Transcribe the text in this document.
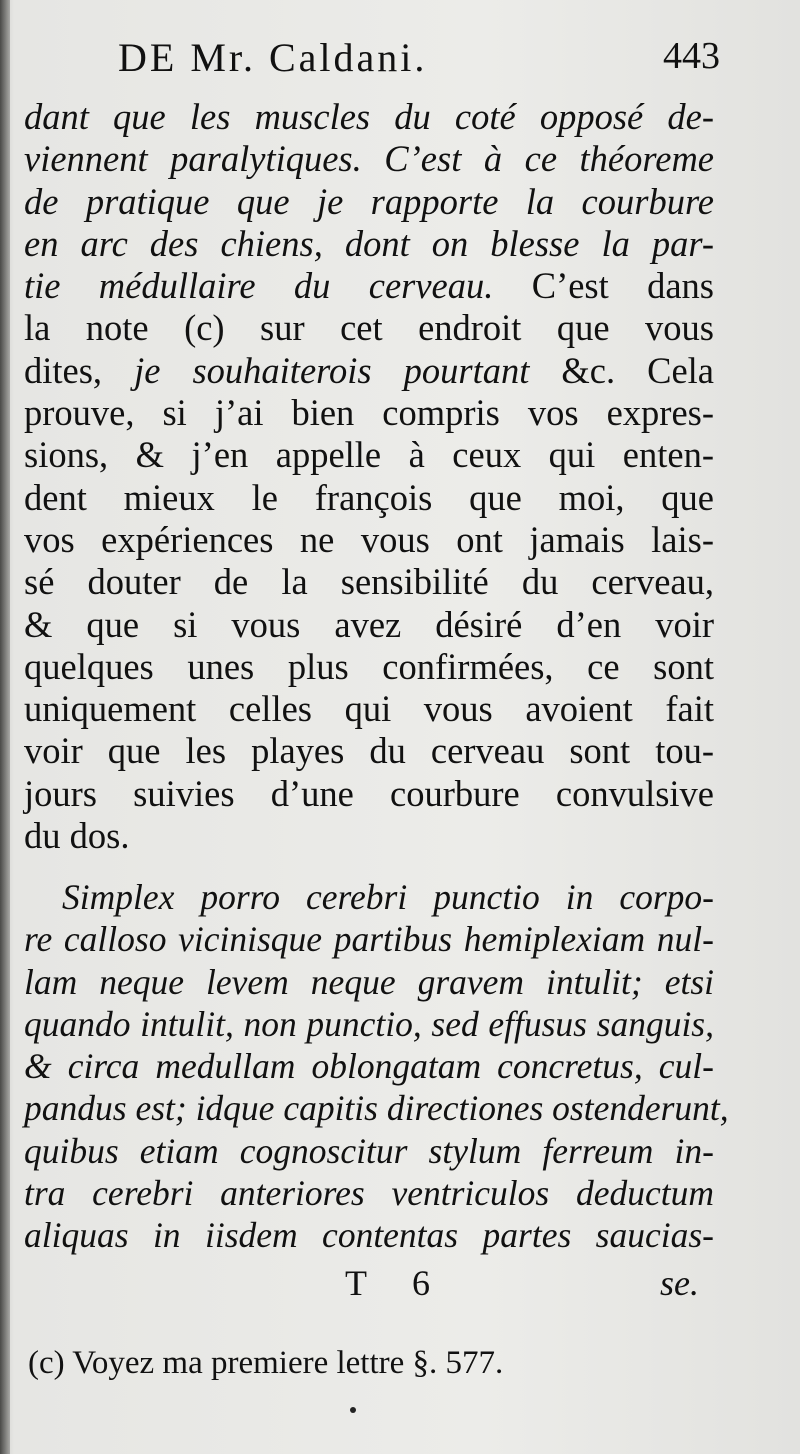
DE Mr. Caldani.	443
dant que les muscles du coté opposé de-
viennent paralytiques. C’est à ce théoreme
de pratique que je rapporte la courbure
en arc des chiens, dont on blesse la par-
tie médullaire du cerveau. C’est dans
la note (c) sur cet endroit que vous
dites, je souhaiterois pourtant &c. Cela
prouve, si j’ai bien compris vos expres-
sions, & j’en appelle à ceux qui enten-
dent mieux le françois que moi, que
vos expériences ne vous ont jamais lais-
sé douter de la sensibilité du cerveau,
& que si vous avez désiré d’en voir
quelques unes plus confirmées, ce sont
uniquement celles qui vous avoient fait
voir que les playes du cerveau sont tou-
jours suivies d’une courbure convulsive
du dos.
Simplex porro cerebri punctio in corpo-
re calloso vicinisque partibus hemiplexiam nul-
lam neque levem neque gravem intulit; etsi
quando intulit, non punctio, sed effusus sanguis,
& circa medullam oblongatam concretus, cul-
pandus est; idque capitis directiones ostenderunt,
quibus etiam cognoscitur stylum ferreum in-
tra cerebri anteriores ventriculos deductum
aliquas in iisdem contentas partes saucias-
T 6	se.
(c) Voyez ma premiere lettre §. 577.
